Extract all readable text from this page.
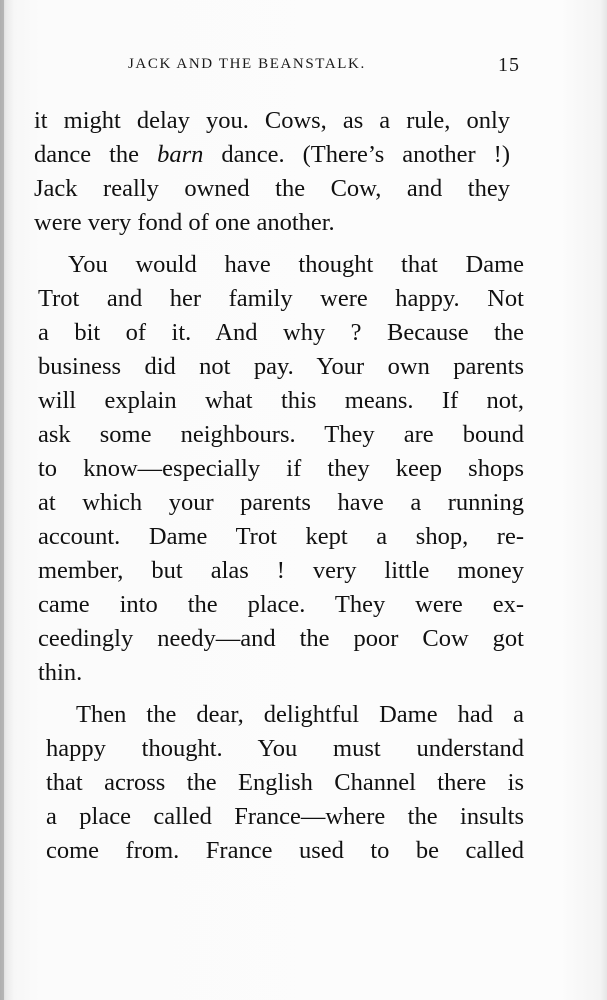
JACK AND THE BEANSTALK.	15
it might delay you. Cows, as a rule, only
dance the barn dance. (There’s another !)
Jack really owned the Cow, and they
were very fond of one another.
You would have thought that Dame
Trot and her family were happy. Not
a bit of it. And why ? Because the
business did not pay. Your own parents
will explain what this means. If not,
ask some neighbours. They are bound
to know—especially if they keep shops
at which your parents have a running
account. Dame Trot kept a shop, re-
member, but alas ! very little money
came into the place. They were ex-
ceedingly needy—and the poor Cow got
thin.
Then the dear, delightful Dame had a
happy thought. You must understand
that across the English Channel there is
a place called France—where the insults
come from. France used to be called
